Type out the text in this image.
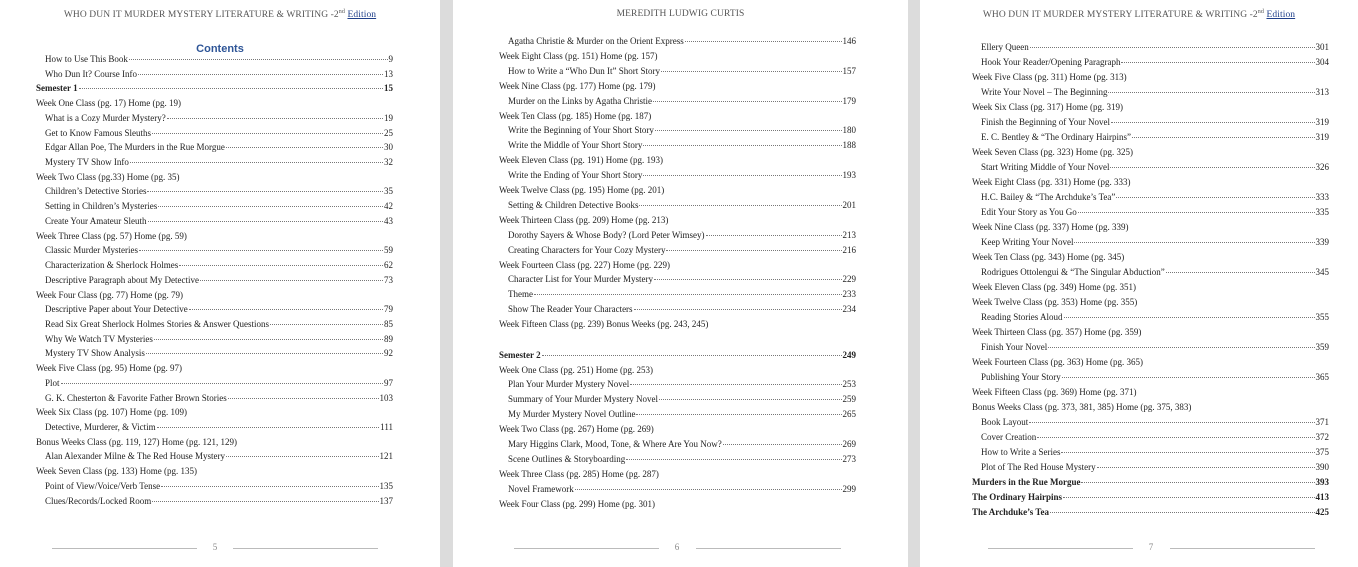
WHO DUN IT MURDER MYSTERY LITERATURE & WRITING -2nd Edition
Contents
How to Use This Book	9
Who Dun It? Course Info	13
Semester 1	15
Week One Class (pg. 17) Home (pg. 19)
What is a Cozy Murder Mystery?	19
Get to Know Famous Sleuths	25
Edgar Allan Poe, The Murders in the Rue Morgue	30
Mystery TV Show Info	32
Week Two Class (pg.33) Home (pg. 35)
Children’s Detective Stories	35
Setting in Children’s Mysteries	42
Create Your Amateur Sleuth	43
Week Three Class (pg. 57) Home (pg. 59)
Classic Murder Mysteries	59
Characterization & Sherlock Holmes	62
Descriptive Paragraph about My Detective	73
Week Four Class (pg. 77) Home (pg. 79)
Descriptive Paper about Your Detective	79
Read Six Great Sherlock Holmes Stories & Answer Questions	85
Why We Watch TV Mysteries	89
Mystery TV Show Analysis	92
Week Five Class (pg. 95) Home (pg. 97)
Plot	97
G. K. Chesterton & Favorite Father Brown Stories	103
Week Six Class (pg. 107) Home (pg. 109)
Detective, Murderer, & Victim	111
Bonus Weeks Class (pg. 119, 127) Home (pg. 121, 129)
Alan Alexander Milne & The Red House Mystery	121
Week Seven Class (pg. 133) Home (pg. 135)
Point of View/Voice/Verb Tense	135
Clues/Records/Locked Room	137
5
MEREDITH LUDWIG CURTIS
Agatha Christie & Murder on the Orient Express	146
Week Eight Class (pg. 151) Home (pg. 157)
How to Write a “Who Dun It” Short Story	157
Week Nine Class (pg. 177) Home (pg. 179)
Murder on the Links by Agatha Christie	179
Week Ten Class (pg. 185) Home (pg. 187)
Write the Beginning of Your Short Story	180
Write the Middle of Your Short Story	188
Week Eleven Class (pg. 191) Home (pg. 193)
Write the Ending of Your Short Story	193
Week Twelve Class (pg. 195) Home (pg. 201)
Setting & Children Detective Books	201
Week Thirteen Class (pg. 209) Home (pg. 213)
Dorothy Sayers & Whose Body? (Lord Peter Wimsey)	213
Creating Characters for Your Cozy Mystery	216
Week Fourteen Class (pg. 227) Home (pg. 229)
Character List for Your Murder Mystery	229
Theme	233
Show The Reader Your Characters	234
Week Fifteen Class (pg. 239) Bonus Weeks (pg. 243, 245)
Semester 2	249
Week One Class (pg. 251) Home (pg. 253)
Plan Your Murder Mystery Novel	253
Summary of Your Murder Mystery Novel	259
My Murder Mystery Novel Outline	265
Week Two Class (pg. 267) Home (pg. 269)
Mary Higgins Clark, Mood, Tone, & Where Are You Now?	269
Scene Outlines & Storyboarding	273
Week Three Class (pg. 285) Home (pg. 287)
Novel Framework	299
Week Four Class (pg. 299) Home (pg. 301)
6
WHO DUN IT MURDER MYSTERY LITERATURE & WRITING -2nd Edition
Ellery Queen	301
Hook Your Reader/Opening Paragraph	304
Week Five Class (pg. 311) Home (pg. 313)
Write Your Novel – The Beginning	313
Week Six Class (pg. 317) Home (pg. 319)
Finish the Beginning of Your Novel	319
E. C. Bentley & “The Ordinary Hairpins”	319
Week Seven Class (pg. 323) Home (pg. 325)
Start Writing Middle of Your Novel	326
Week Eight Class (pg. 331) Home (pg. 333)
H.C. Bailey & “The Archduke’s Tea”	333
Edit Your Story as You Go	335
Week Nine Class (pg. 337) Home (pg. 339)
Keep Writing Your Novel	339
Week Ten Class (pg. 343) Home (pg. 345)
Rodrigues Ottolengui & “The Singular Abduction”	345
Week Eleven Class (pg. 349) Home (pg. 351)
Week Twelve Class (pg. 353) Home (pg. 355)
Reading Stories Aloud	355
Week Thirteen Class (pg. 357) Home (pg. 359)
Finish Your Novel	359
Week Fourteen Class (pg. 363) Home (pg. 365)
Publishing Your Story	365
Week Fifteen Class (pg. 369) Home (pg. 371)
Bonus Weeks Class (pg. 373, 381, 385) Home (pg. 375, 383)
Book Layout	371
Cover Creation	372
How to Write a Series	375
Plot of The Red House Mystery	390
Murders in the Rue Morgue	393
The Ordinary Hairpins	413
The Archduke’s Tea	425
7
